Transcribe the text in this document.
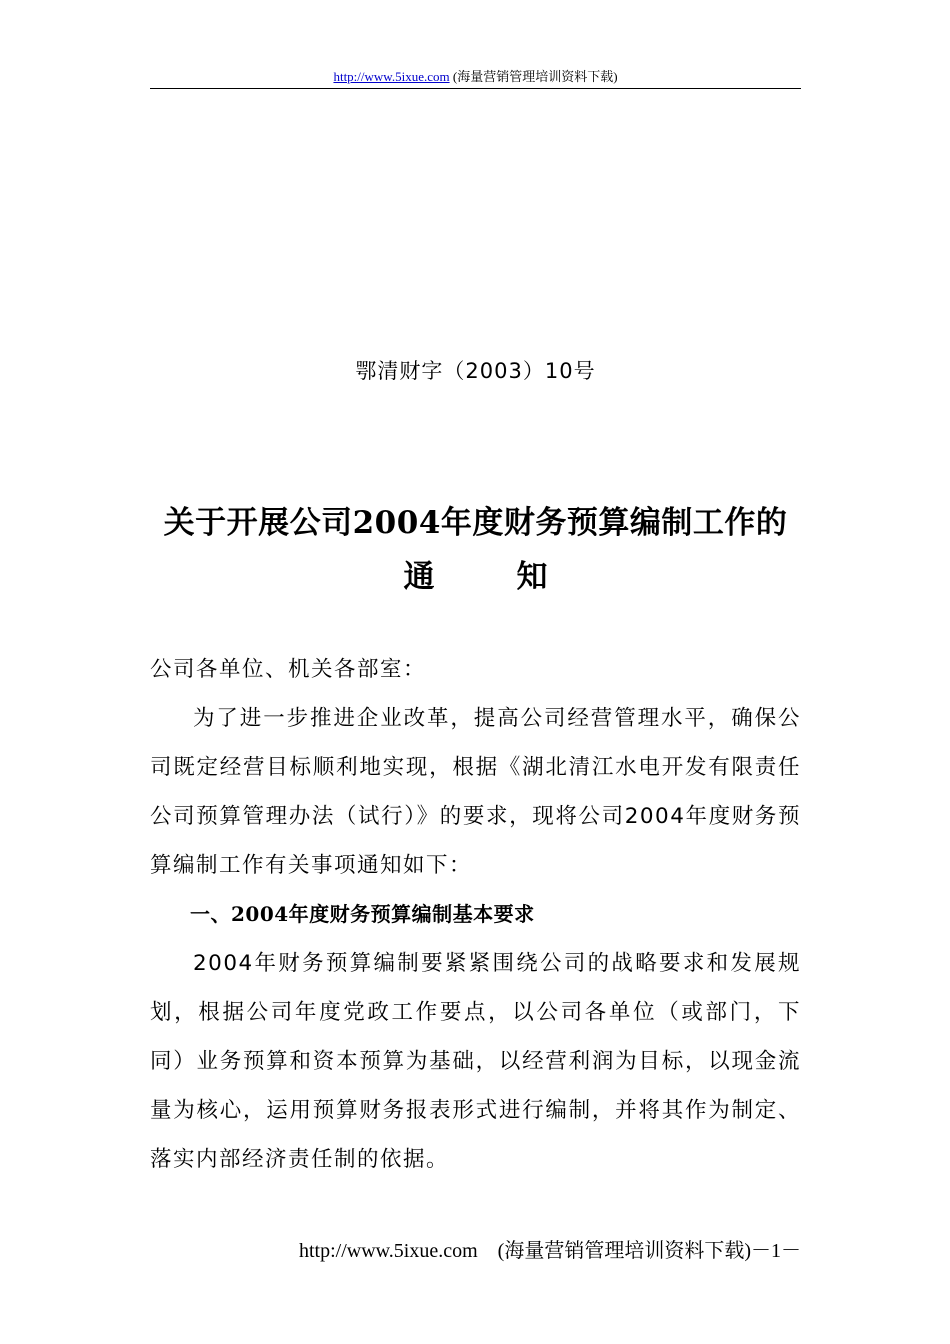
http://www.5ixue.com (海量营销管理培训资料下载)
鄂清财字（2003）10号
关于开展公司2004年度财务预算编制工作的
通	知

公司各单位、机关各部室：

为了进一步推进企业改革，提高公司经营管理水平，确保公司既定经营目标顺利地实现，根据《湖北清江水电开发有限责任公司预算管理办法（试行）》的要求，现将公司2004年度财务预算编制工作有关事项通知如下：

一、2004年度财务预算编制基本要求

2004年财务预算编制要紧紧围绕公司的战略要求和发展规划，根据公司年度党政工作要点，以公司各单位（或部门，下同）业务预算和资本预算为基础，以经营利润为目标，以现金流量为核心，运用预算财务报表形式进行编制，并将其作为制定、落实内部经济责任制的依据。

http://www.5ixue.com　(海量营销管理培训资料下载)－1－
